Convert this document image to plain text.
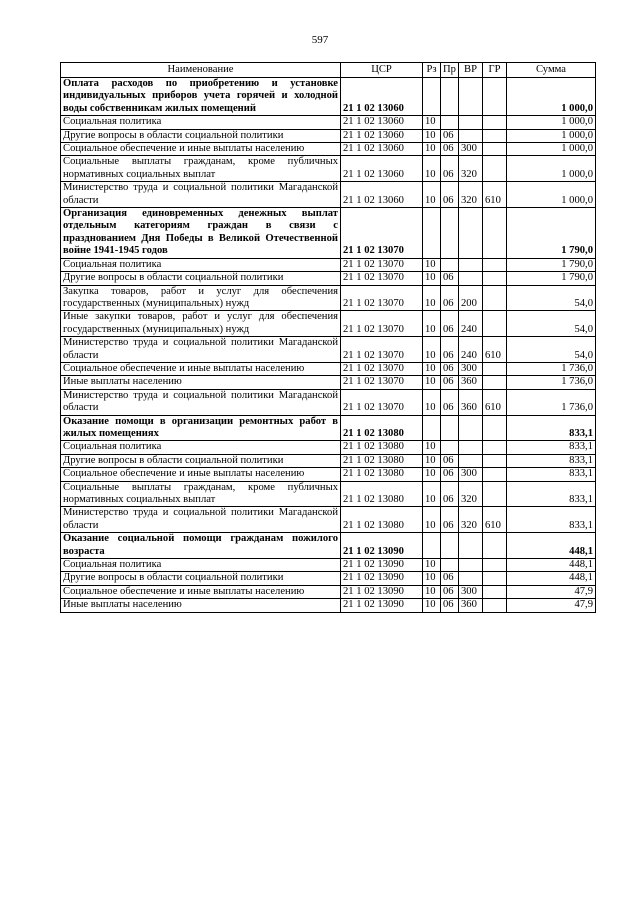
597
Наименование	ЦСР	Рз	Пр	ВР	ГР	Сумма
Оплата расходов по приобретению и установке индивидуальных приборов учета горячей и холодной воды собственникам жилых помещений	21 1 02 13060					1 000,0
Социальная политика	21 1 02 13060	10				1 000,0
Другие вопросы в области социальной политики	21 1 02 13060	10	06			1 000,0
Социальное обеспечение и иные выплаты населению	21 1 02 13060	10	06	300		1 000,0
Социальные выплаты гражданам, кроме публичных нормативных социальных выплат	21 1 02 13060	10	06	320		1 000,0
Министерство труда и социальной политики Магаданской области	21 1 02 13060	10	06	320	610	1 000,0
Организация единовременных денежных выплат отдельным категориям граждан в связи с празднованием Дня Победы в Великой Отечественной войне 1941-1945 годов	21 1 02 13070					1 790,0
Социальная политика	21 1 02 13070	10				1 790,0
Другие вопросы в области социальной политики	21 1 02 13070	10	06			1 790,0
Закупка товаров, работ и услуг для обеспечения государственных (муниципальных) нужд	21 1 02 13070	10	06	200		54,0
Иные закупки товаров, работ и услуг для обеспечения государственных (муниципальных) нужд	21 1 02 13070	10	06	240		54,0
Министерство труда и социальной политики Магаданской области	21 1 02 13070	10	06	240	610	54,0
Социальное обеспечение и иные выплаты населению	21 1 02 13070	10	06	300		1 736,0
Иные выплаты населению	21 1 02 13070	10	06	360		1 736,0
Министерство труда и социальной политики Магаданской области	21 1 02 13070	10	06	360	610	1 736,0
Оказание помощи в организации ремонтных работ в жилых помещениях	21 1 02 13080					833,1
Социальная политика	21 1 02 13080	10				833,1
Другие вопросы в области социальной политики	21 1 02 13080	10	06			833,1
Социальное обеспечение и иные выплаты населению	21 1 02 13080	10	06	300		833,1
Социальные выплаты гражданам, кроме публичных нормативных социальных выплат	21 1 02 13080	10	06	320		833,1
Министерство труда и социальной политики Магаданской области	21 1 02 13080	10	06	320	610	833,1
Оказание социальной помощи гражданам пожилого возраста	21 1 02 13090					448,1
Социальная политика	21 1 02 13090	10				448,1
Другие вопросы в области социальной политики	21 1 02 13090	10	06			448,1
Социальное обеспечение и иные выплаты населению	21 1 02 13090	10	06	300		47,9
Иные выплаты населению	21 1 02 13090	10	06	360		47,9
